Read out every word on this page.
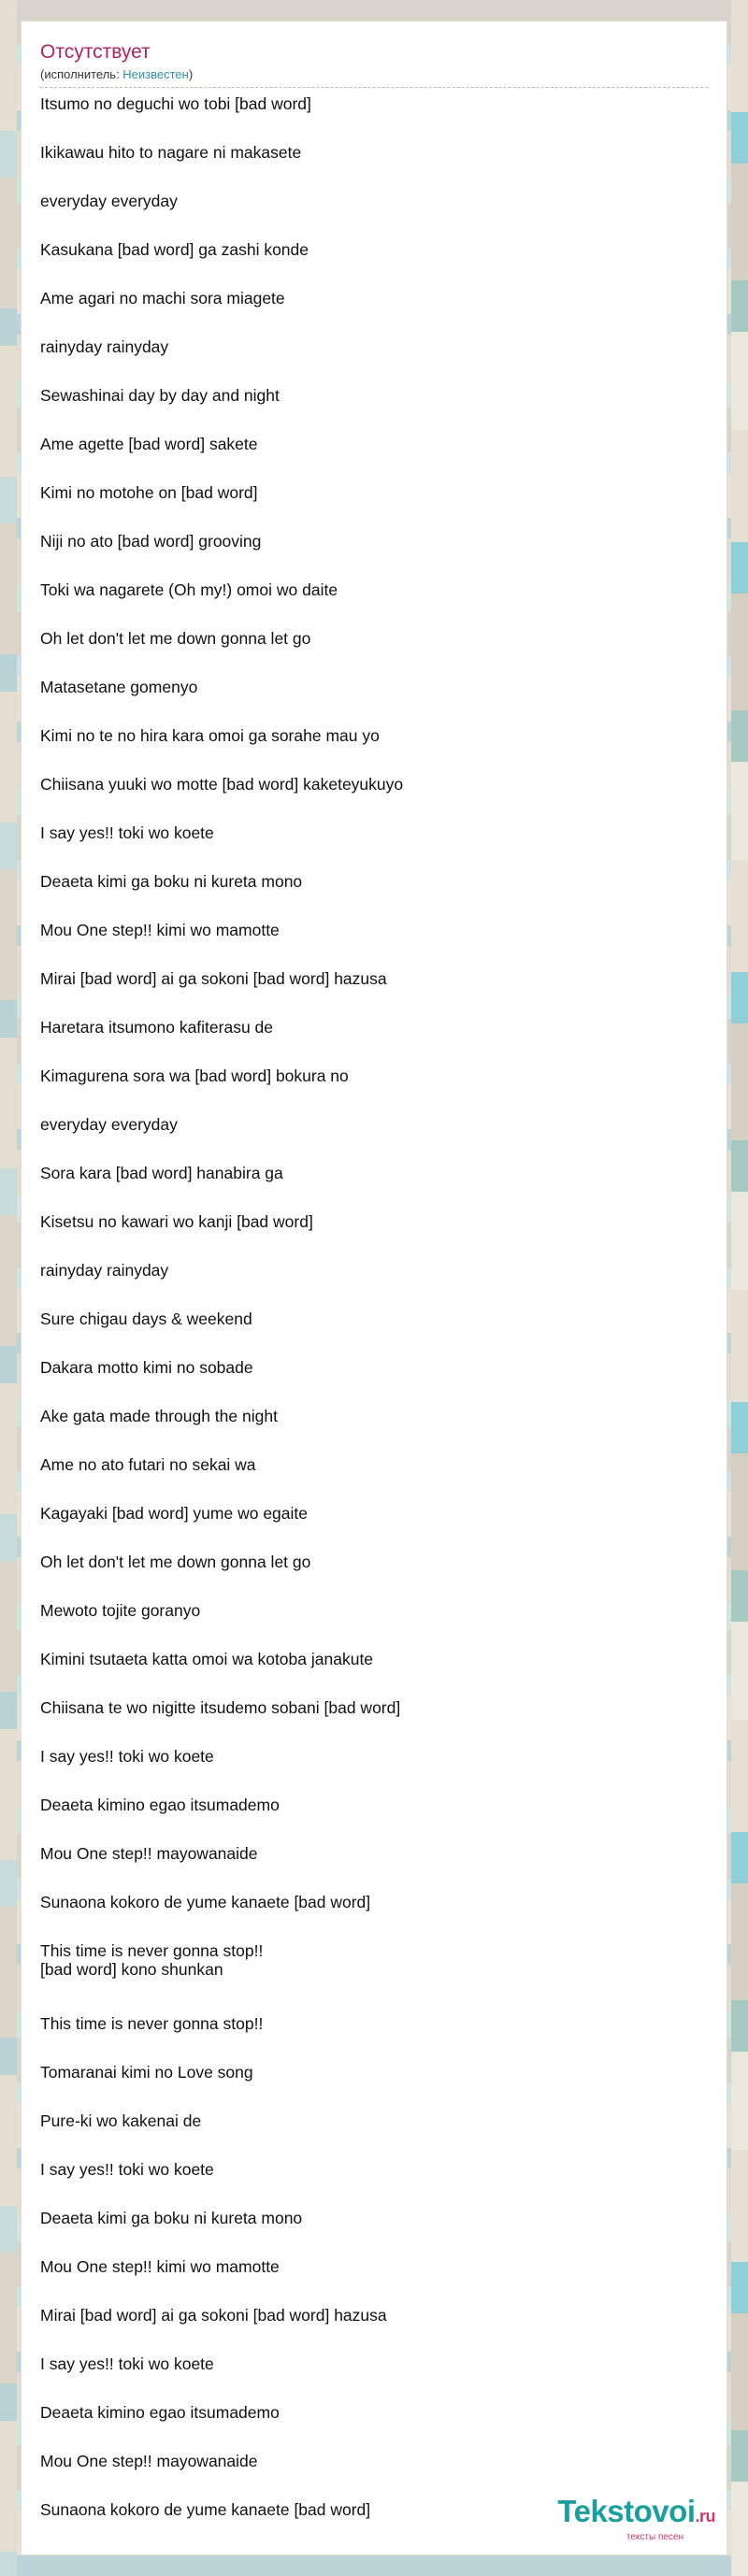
Отсутствует
(исполнитель: Неизвестен)
Itsumo no deguchi wo tobi [bad word]
Ikikawau hito to nagare ni makasete
everyday everyday
Kasukana [bad word] ga zashi konde
Ame agari no machi sora miagete
rainyday rainyday
Sewashinai day by day and night
Ame agette [bad word] sakete
Kimi no motohe on [bad word]
Niji no ato [bad word] grooving
Toki wa nagarete (Oh my!) omoi wo daite
Oh let don't let me down gonna let go
Matasetane gomenyo
Kimi no te no hira kara omoi ga sorahe mau yo
Chiisana yuuki wo motte [bad word] kaketeyukuyo
I say yes!! toki wo koete
Deaeta kimi ga boku ni kureta mono
Mou One step!! kimi wo mamotte
Mirai [bad word] ai ga sokoni [bad word] hazusa
Haretara itsumono kafiterasu de
Kimagurena sora wa [bad word] bokura no
everyday everyday
Sora kara [bad word] hanabira ga
Kisetsu no kawari wo kanji [bad word]
rainyday rainyday
Sure chigau days & weekend
Dakara motto kimi no sobade
Ake gata made through the night
Ame no ato futari no sekai wa
Kagayaki [bad word] yume wo egaite
Oh let don't let me down gonna let go
Mewoto tojite goranyo
Kimini tsutaeta katta omoi wa kotoba janakute
Chiisana te wo nigitte itsudemo sobani [bad word]
I say yes!! toki wo koete
Deaeta kimino egao itsumademo
Mou One step!! mayowanaide
Sunaona kokoro de yume kanaete [bad word]
This time is never gonna stop!!
[bad word] kono shunkan
This time is never gonna stop!!
Tomaranai kimi no Love song
Pure-ki wo kakenai de
I say yes!! toki wo koete
Deaeta kimi ga boku ni kureta mono
Mou One step!! kimi wo mamotte
Mirai [bad word] ai ga sokoni [bad word] hazusa
I say yes!! toki wo koete
Deaeta kimino egao itsumademo
Mou One step!! mayowanaide
Sunaona kokoro de yume kanaete [bad word]	Tekstovoi.ru
тексты песен
